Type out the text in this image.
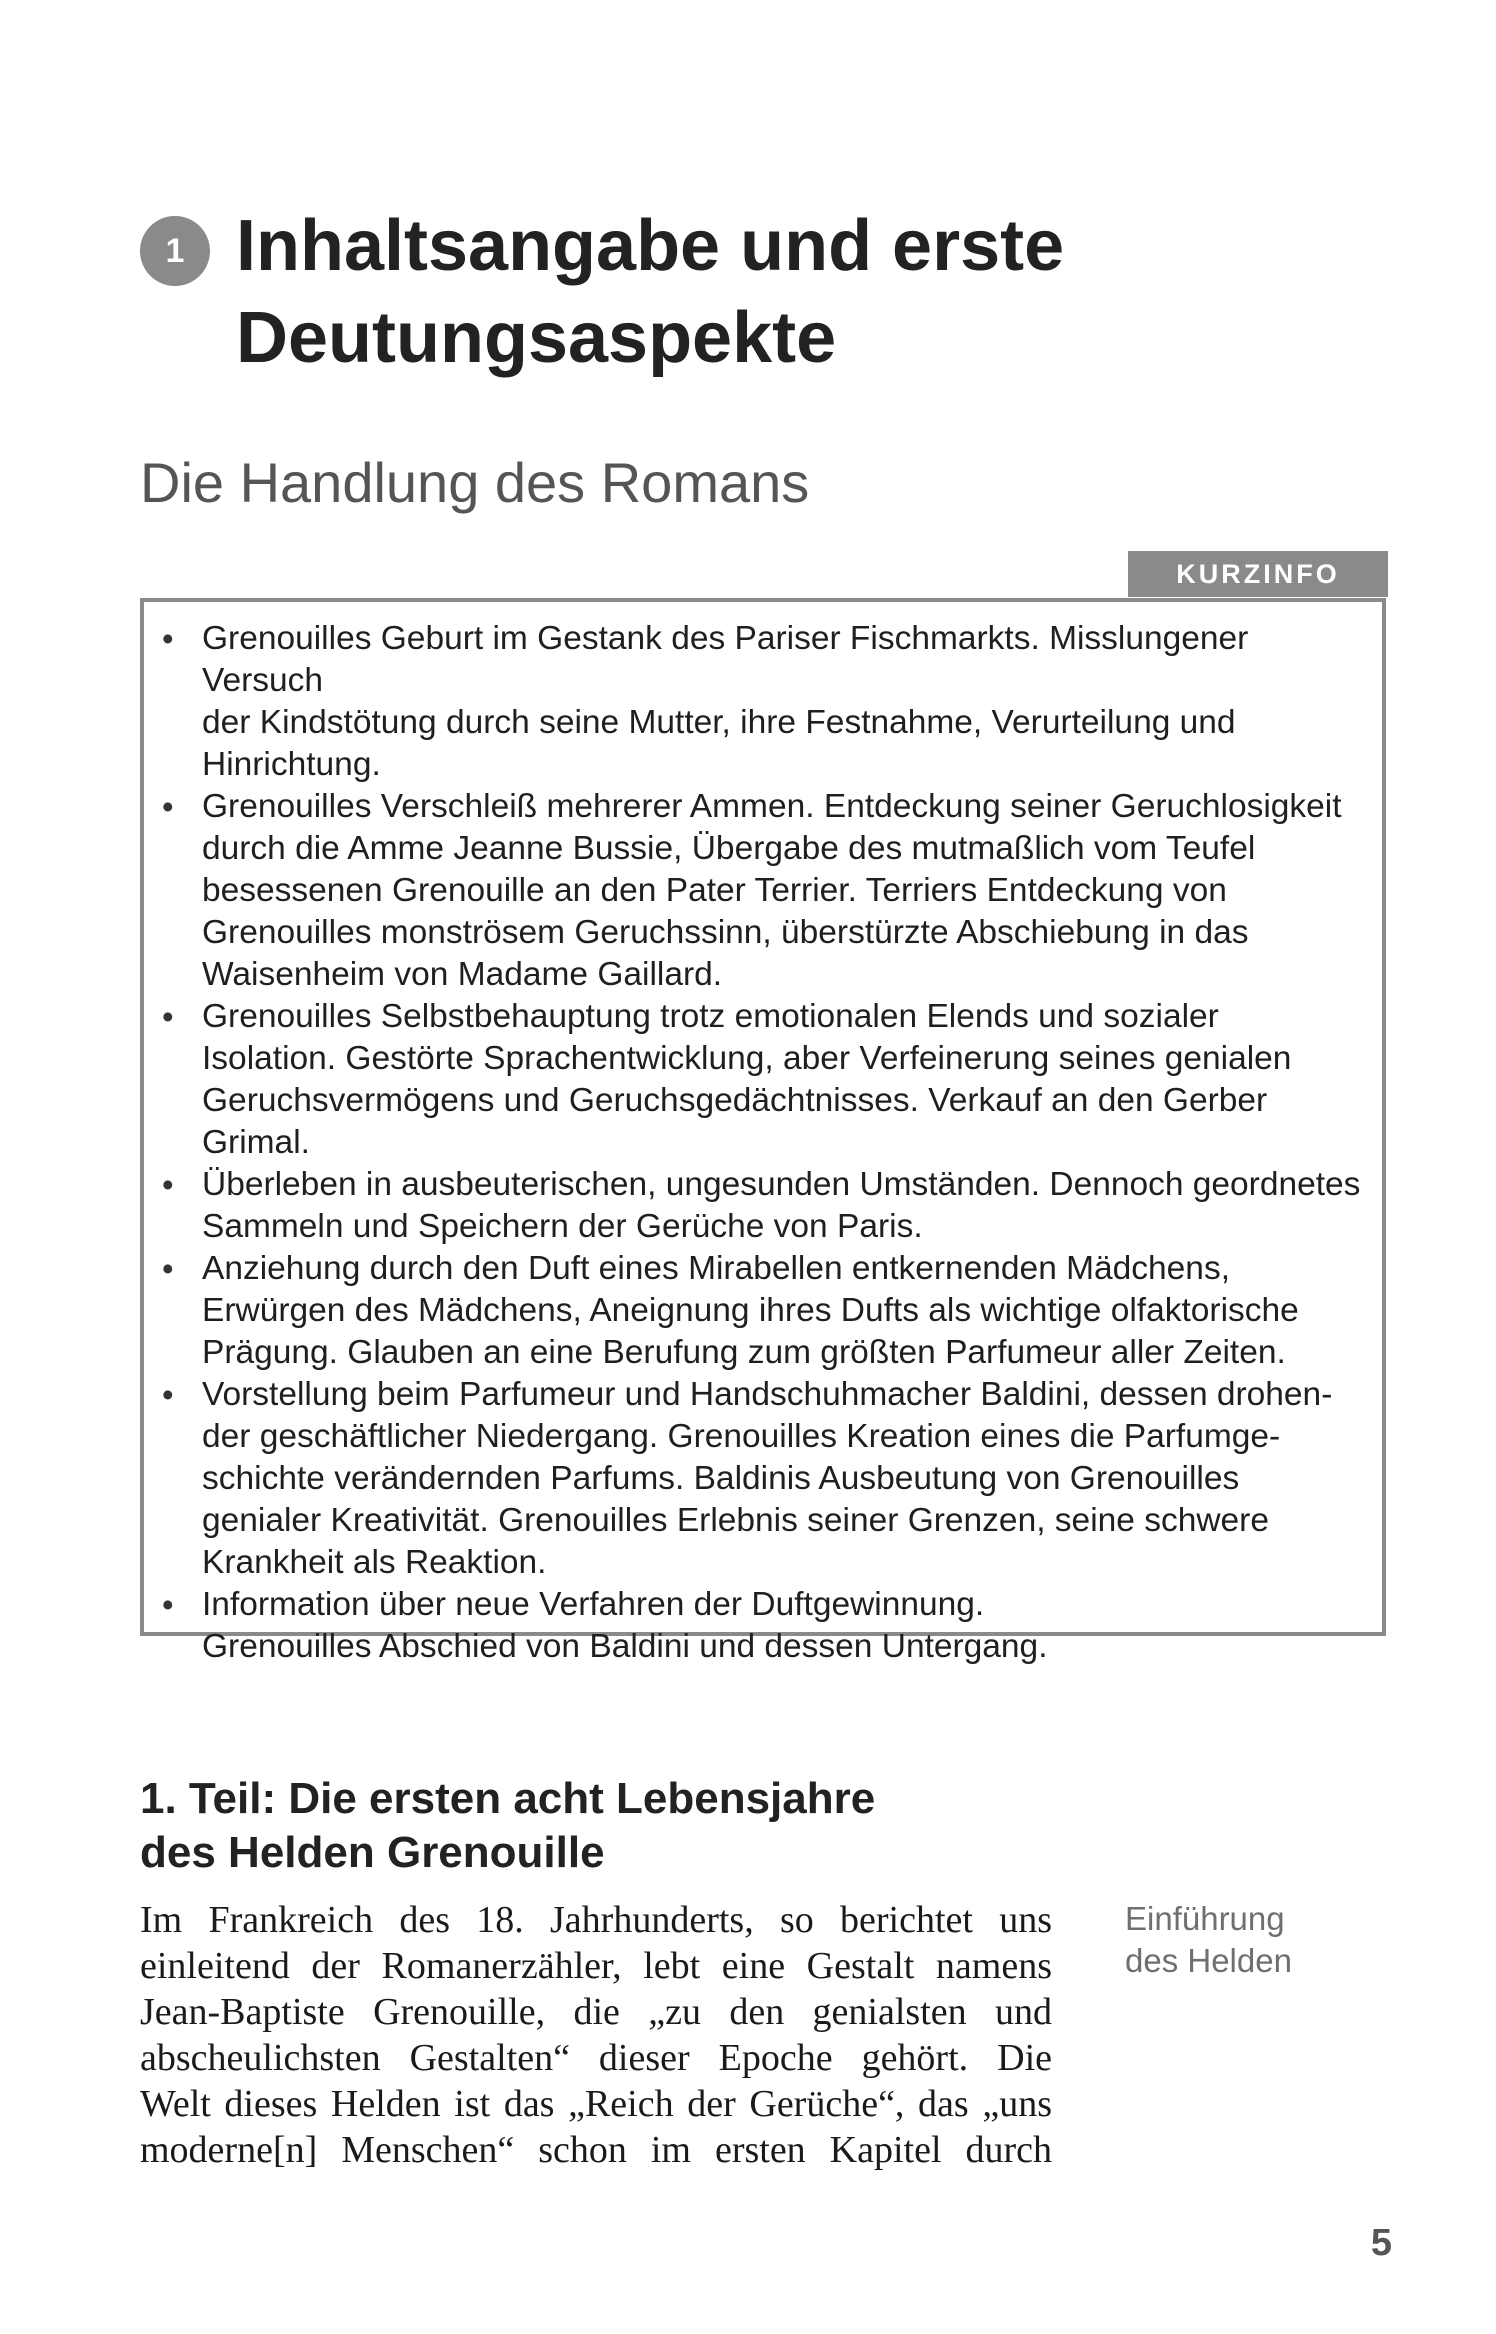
1 Inhaltsangabe und erste
Deutungsaspekte
Die Handlung des Romans
KURZINFO
• Grenouilles Geburt im Gestank des Pariser Fischmarkts. Misslungener Versuch
der Kindstötung durch seine Mutter, ihre Festnahme, Verurteilung und
Hinrichtung.
• Grenouilles Verschleiß mehrerer Ammen. Entdeckung seiner Geruchlosigkeit
durch die Amme Jeanne Bussie, Übergabe des mutmaßlich vom Teufel
besessenen Grenouille an den Pater Terrier. Terriers Entdeckung von
Grenouilles monströsem Geruchssinn, überstürzte Abschiebung in das
Waisenheim von Madame Gaillard.
• Grenouilles Selbstbehauptung trotz emotionalen Elends und sozialer
Isolation. Gestörte Sprachentwicklung, aber Verfeinerung seines genialen
Geruchsvermögens und Geruchsgedächtnisses. Verkauf an den Gerber
Grimal.
• Überleben in ausbeuterischen, ungesunden Umständen. Dennoch geordnetes
Sammeln und Speichern der Gerüche von Paris.
• Anziehung durch den Duft eines Mirabellen entkernenden Mädchens,
Erwürgen des Mädchens, Aneignung ihres Dufts als wichtige olfaktorische
Prägung. Glauben an eine Berufung zum größten Parfumeur aller Zeiten.
• Vorstellung beim Parfumeur und Handschuhmacher Baldini, dessen drohen-
der geschäftlicher Niedergang. Grenouilles Kreation eines die Parfumge-
schichte verändernden Parfums. Baldinis Ausbeutung von Grenouilles
genialer Kreativität. Grenouilles Erlebnis seiner Grenzen, seine schwere
Krankheit als Reaktion.
• Information über neue Verfahren der Duftgewinnung.
Grenouilles Abschied von Baldini und dessen Untergang.
1. Teil: Die ersten acht Lebensjahre
des Helden Grenouille
Im Frankreich des 18. Jahrhunderts, so berichtet uns
einleitend der Romanerzähler, lebt eine Gestalt namens
Jean-Baptiste Grenouille, die „zu den genialsten und
abscheulichsten Gestalten“ dieser Epoche gehört. Die
Welt dieses Helden ist das „Reich der Gerüche“, das „uns
moderne[n] Menschen“ schon im ersten Kapitel durch
Einführung
des Helden
5
